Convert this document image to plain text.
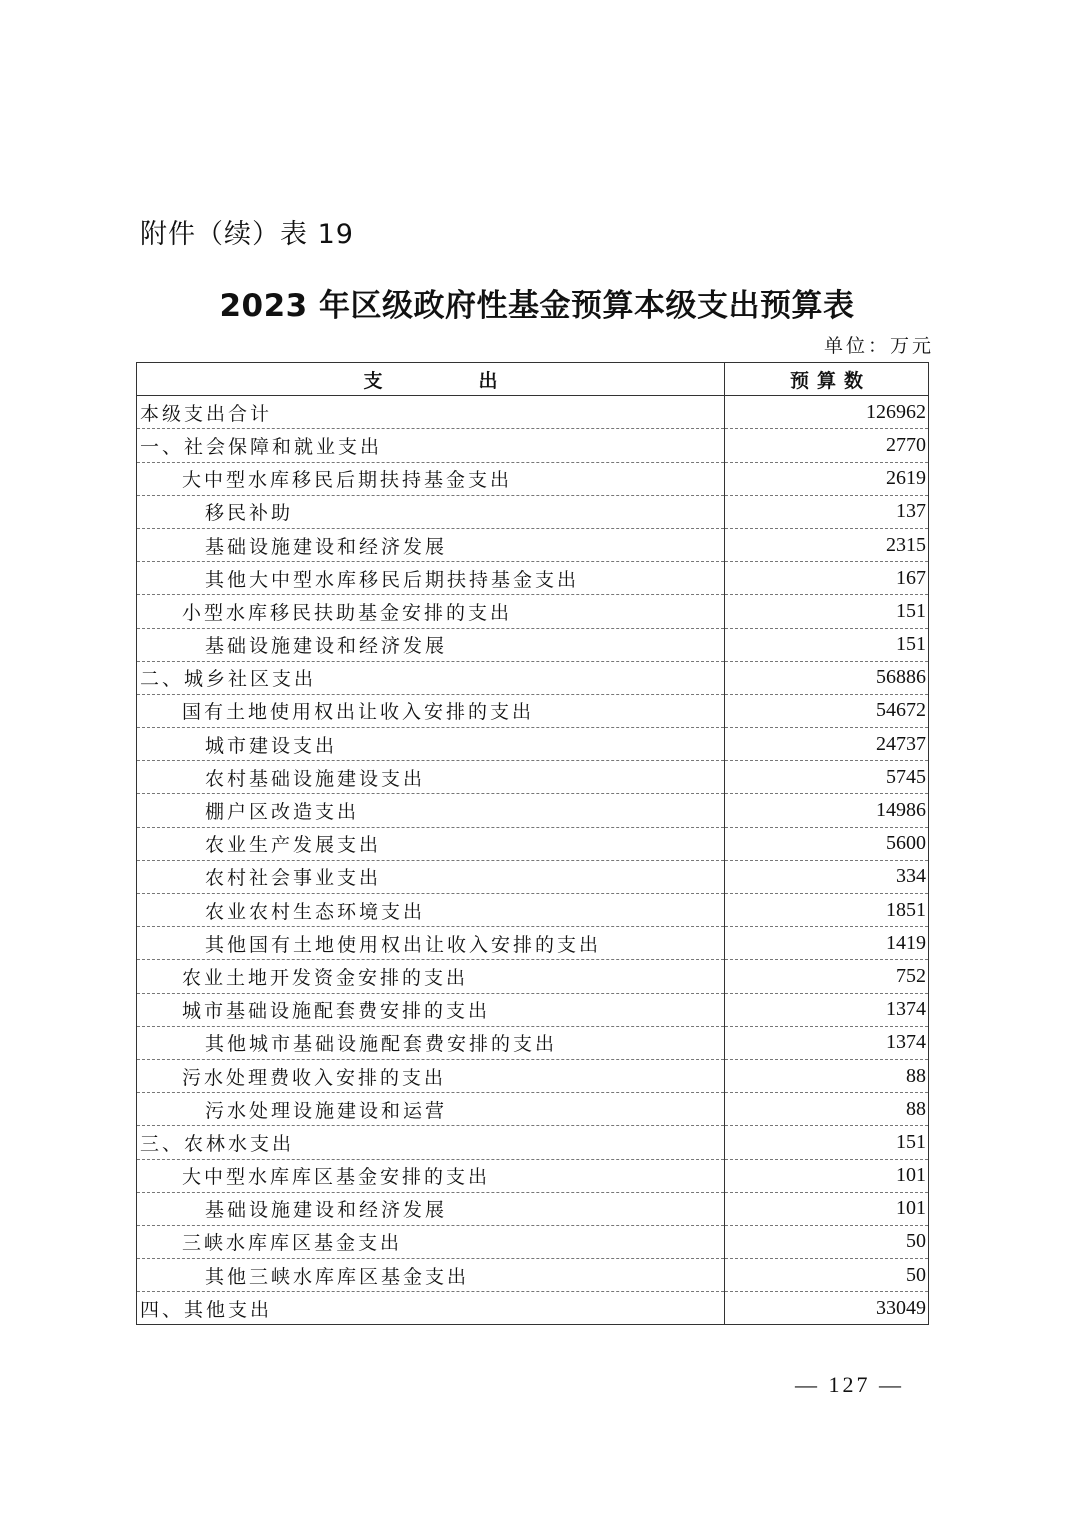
附件（续）表 19
2023 年区级政府性基金预算本级支出预算表
单位：万元
支出	预算数
本级支出合计	126962
一、社会保障和就业支出	2770
大中型水库移民后期扶持基金支出	2619
移民补助	137
基础设施建设和经济发展	2315
其他大中型水库移民后期扶持基金支出	167
小型水库移民扶助基金安排的支出	151
基础设施建设和经济发展	151
二、城乡社区支出	56886
国有土地使用权出让收入安排的支出	54672
城市建设支出	24737
农村基础设施建设支出	5745
棚户区改造支出	14986
农业生产发展支出	5600
农村社会事业支出	334
农业农村生态环境支出	1851
其他国有土地使用权出让收入安排的支出	1419
农业土地开发资金安排的支出	752
城市基础设施配套费安排的支出	1374
其他城市基础设施配套费安排的支出	1374
污水处理费收入安排的支出	88
污水处理设施建设和运营	88
三、农林水支出	151
大中型水库库区基金安排的支出	101
基础设施建设和经济发展	101
三峡水库库区基金支出	50
其他三峡水库库区基金支出	50
四、其他支出	33049
— 127 —
